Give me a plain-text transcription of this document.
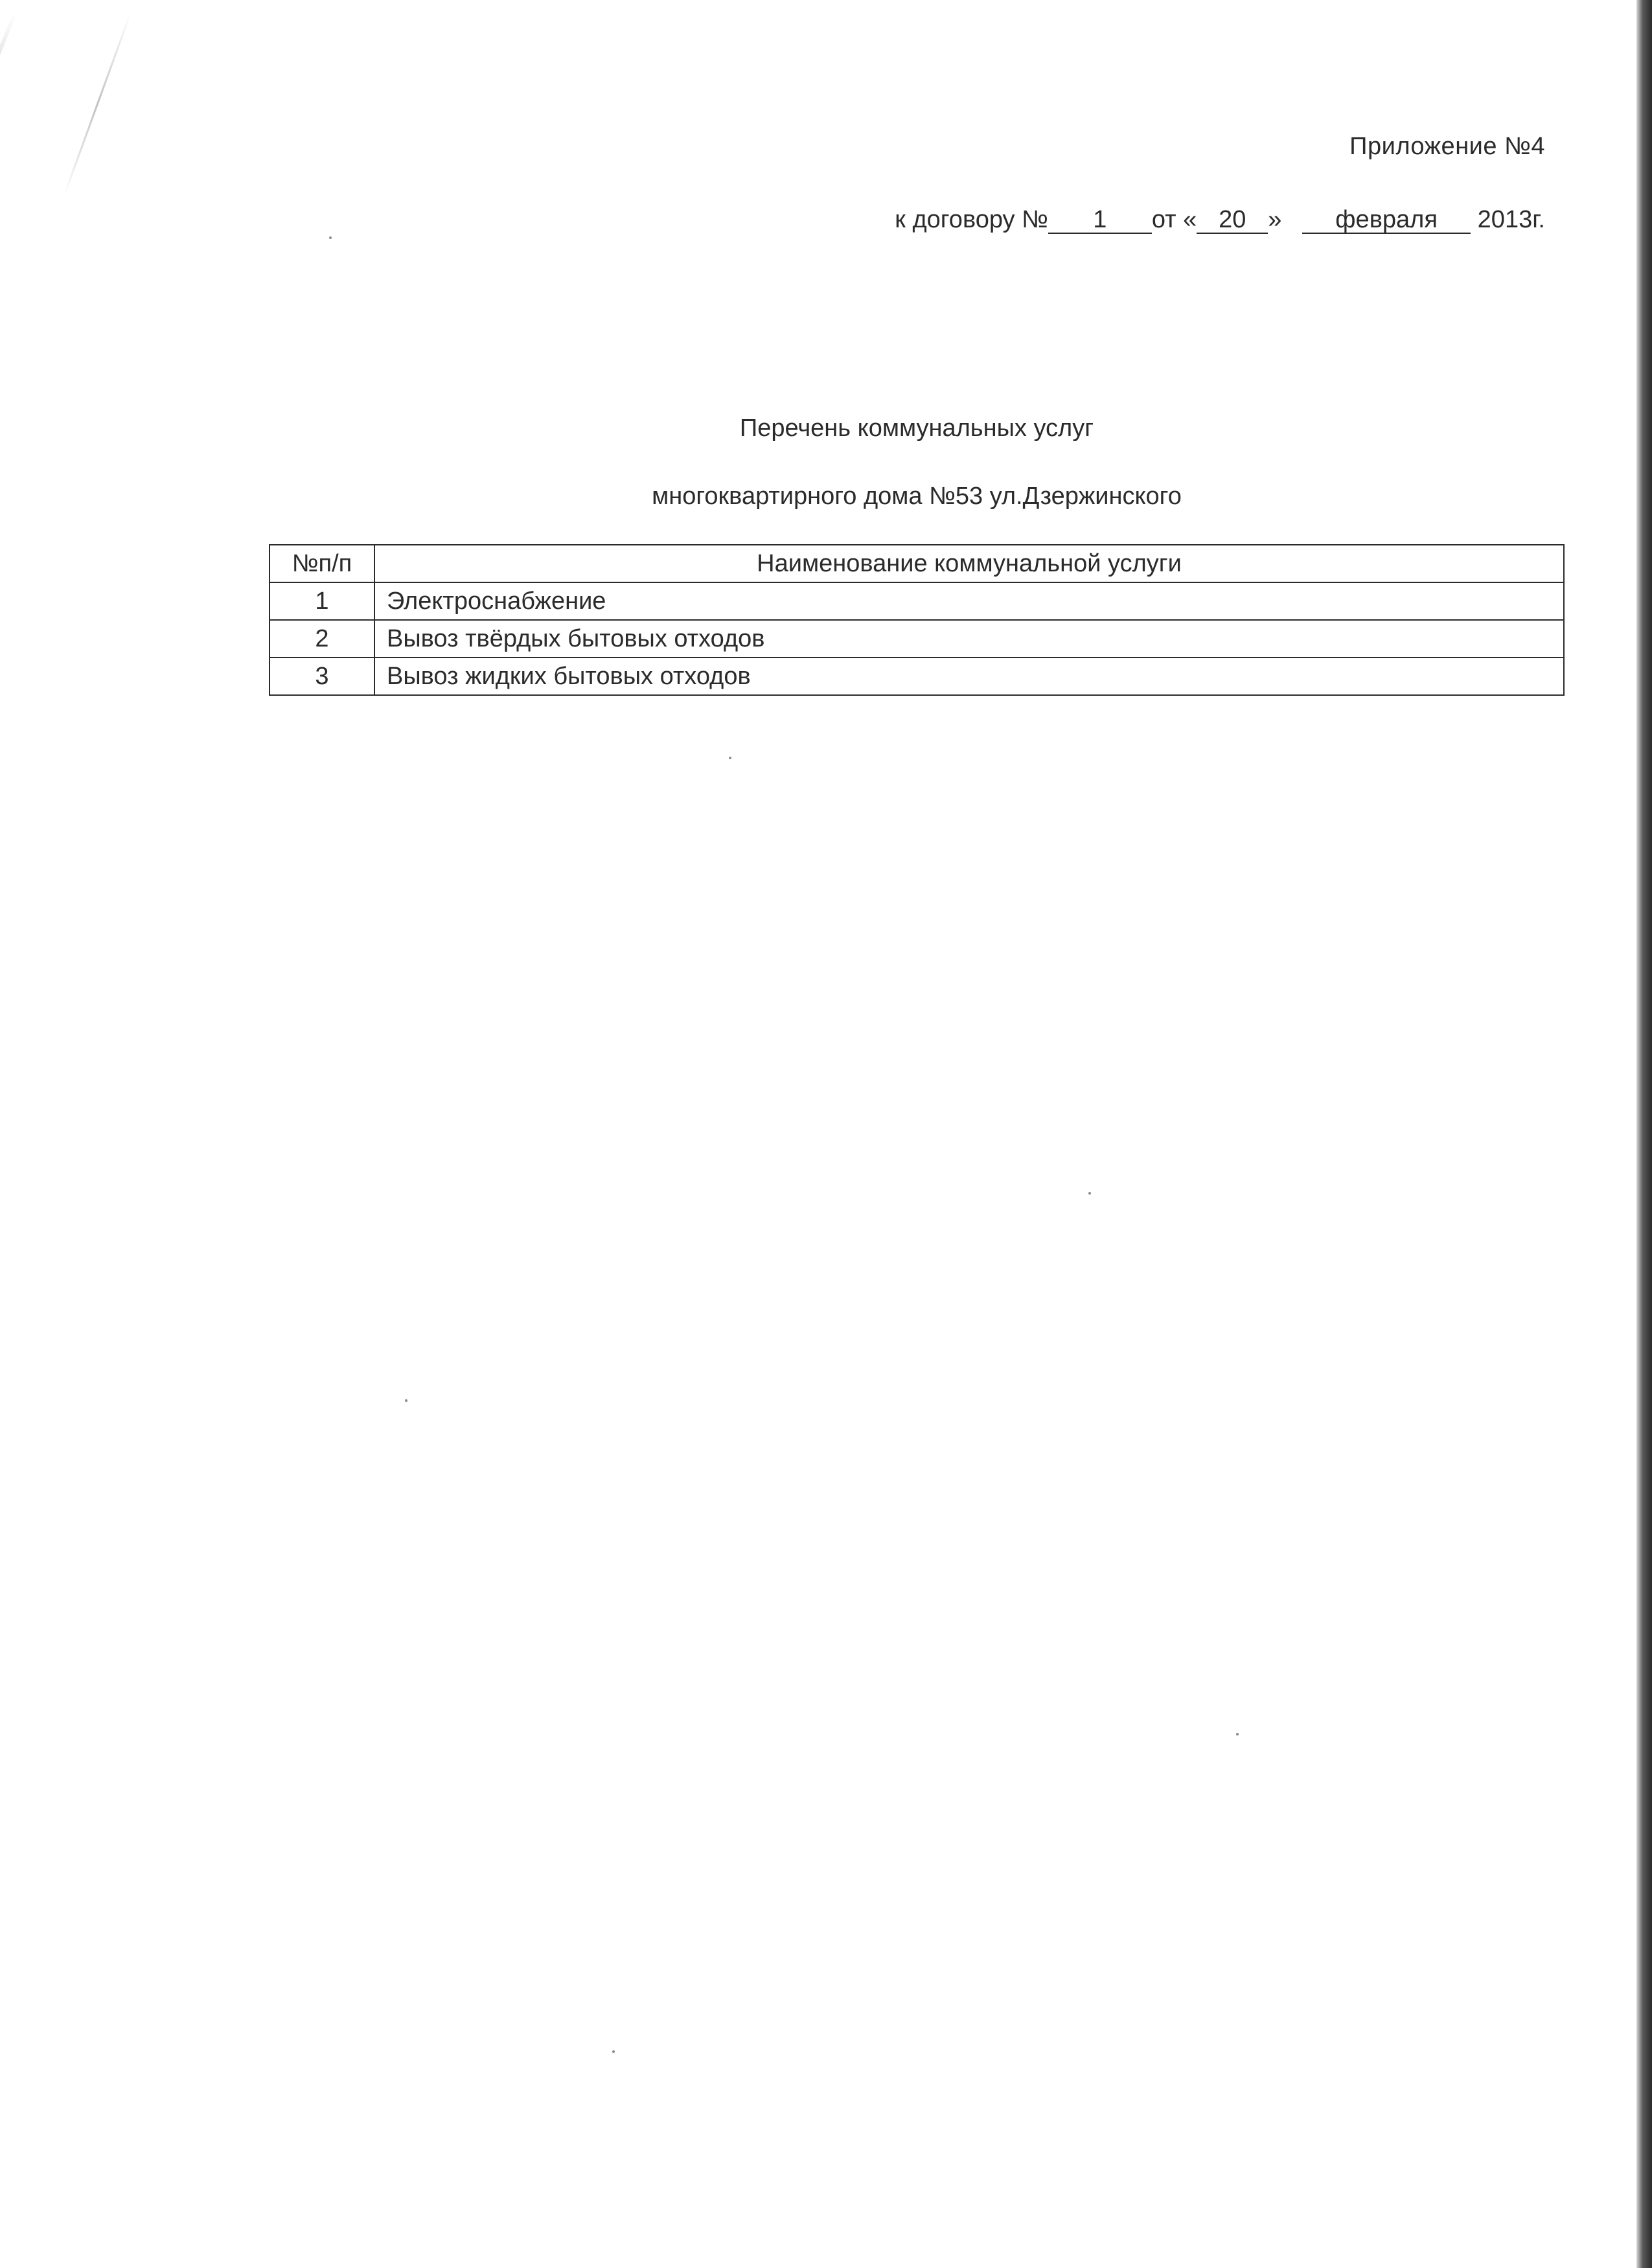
Приложение №4
к договору № 1 от « 20 » февраля 2013г.
Перечень коммунальных услуг
многоквартирного дома №53 ул.Дзержинского
№п/п	Наименование коммунальной услуги
1	Электроснабжение
2	Вывоз твёрдых бытовых отходов
3	Вывоз жидких бытовых отходов
